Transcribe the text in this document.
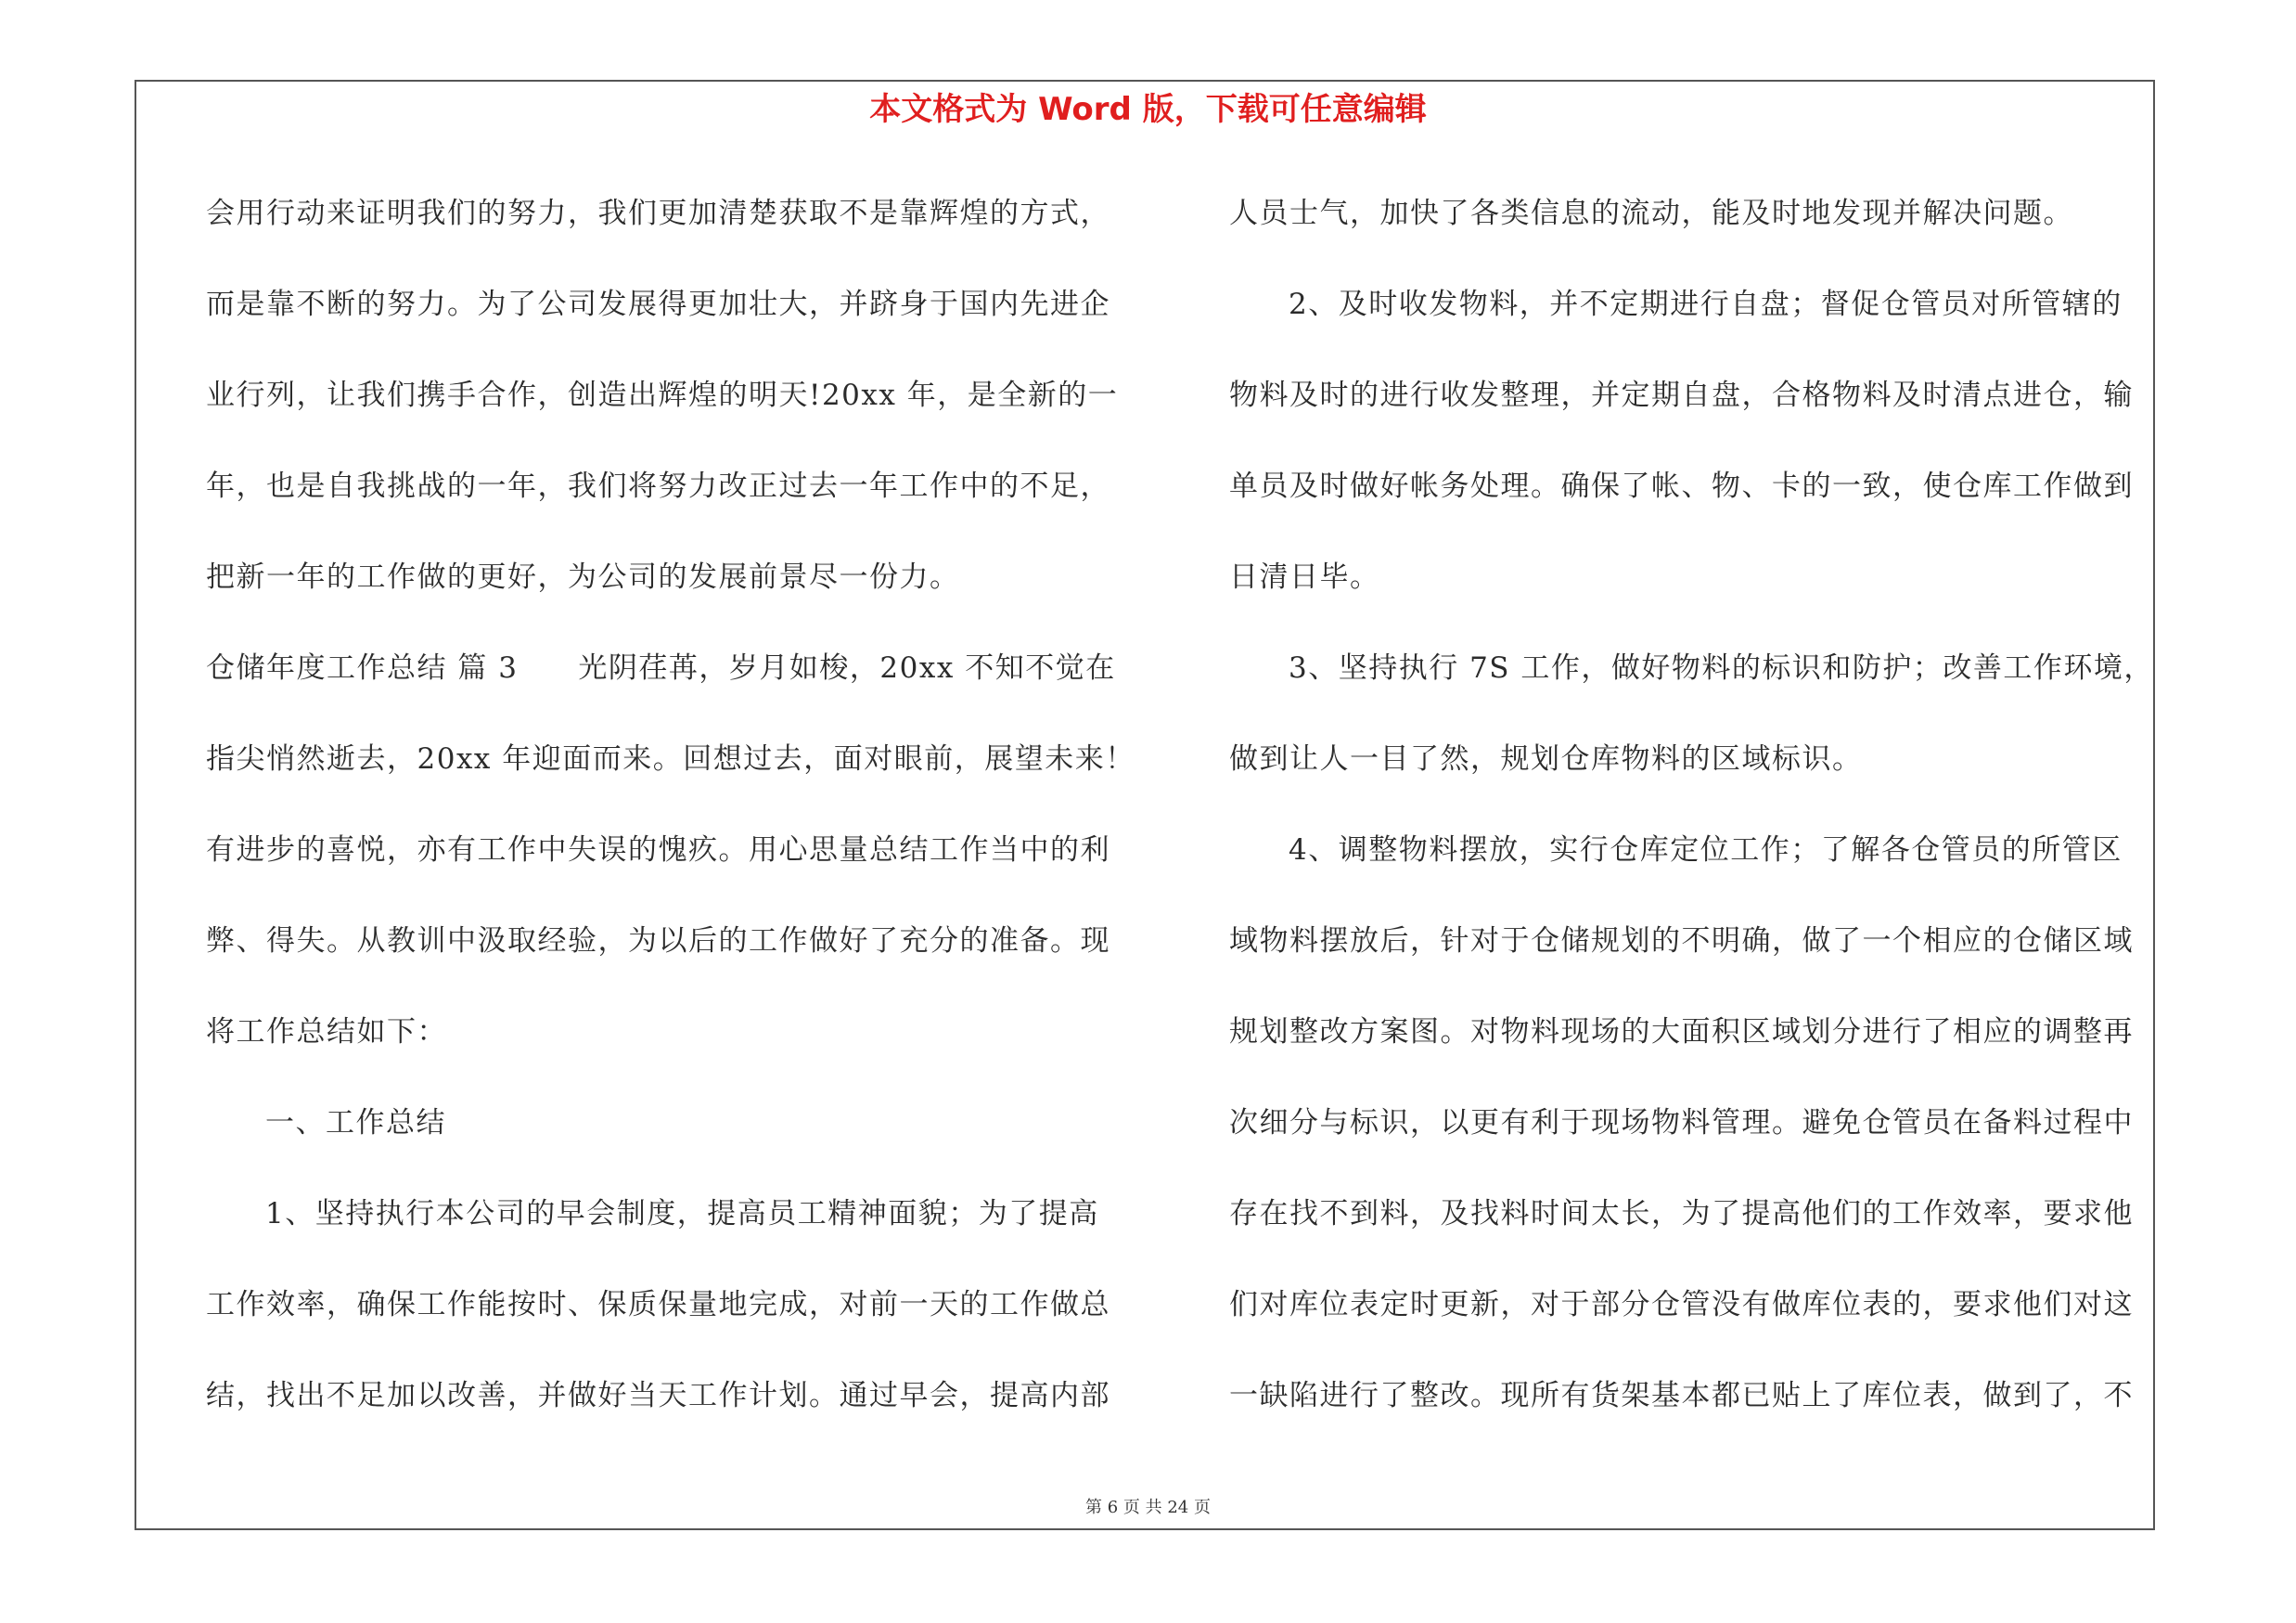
本文格式为 Word 版，下载可任意编辑
会用行动来证明我们的努力，我们更加清楚获取不是靠辉煌的方式，
而是靠不断的努力。为了公司发展得更加壮大，并跻身于国内先进企
业行列，让我们携手合作，创造出辉煌的明天!20xx 年，是全新的一
年，也是自我挑战的一年，我们将努力改正过去一年工作中的不足，
把新一年的工作做的更好，为公司的发展前景尽一份力。
仓储年度工作总结 篇 3　　光阴荏苒，岁月如梭，20xx 不知不觉在
指尖悄然逝去，20xx 年迎面而来。回想过去，面对眼前，展望未来！
有进步的喜悦，亦有工作中失误的愧疚。用心思量总结工作当中的利
弊、得失。从教训中汲取经验，为以后的工作做好了充分的准备。现
将工作总结如下：
一、工作总结
1、坚持执行本公司的早会制度，提高员工精神面貌；为了提高
工作效率，确保工作能按时、保质保量地完成，对前一天的工作做总
结，找出不足加以改善，并做好当天工作计划。通过早会，提高内部
人员士气，加快了各类信息的流动，能及时地发现并解决问题。
2、及时收发物料，并不定期进行自盘；督促仓管员对所管辖的
物料及时的进行收发整理，并定期自盘，合格物料及时清点进仓，输
单员及时做好帐务处理。确保了帐、物、卡的一致，使仓库工作做到
日清日毕。
3、坚持执行 7S 工作，做好物料的标识和防护；改善工作环境，
做到让人一目了然，规划仓库物料的区域标识。
4、调整物料摆放，实行仓库定位工作；了解各仓管员的所管区
域物料摆放后，针对于仓储规划的不明确，做了一个相应的仓储区域
规划整改方案图。对物料现场的大面积区域划分进行了相应的调整再
次细分与标识，以更有利于现场物料管理。避免仓管员在备料过程中
存在找不到料，及找料时间太长，为了提高他们的工作效率，要求他
们对库位表定时更新，对于部分仓管没有做库位表的，要求他们对这
一缺陷进行了整改。现所有货架基本都已贴上了库位表，做到了，不
第 6 页 共 24 页
